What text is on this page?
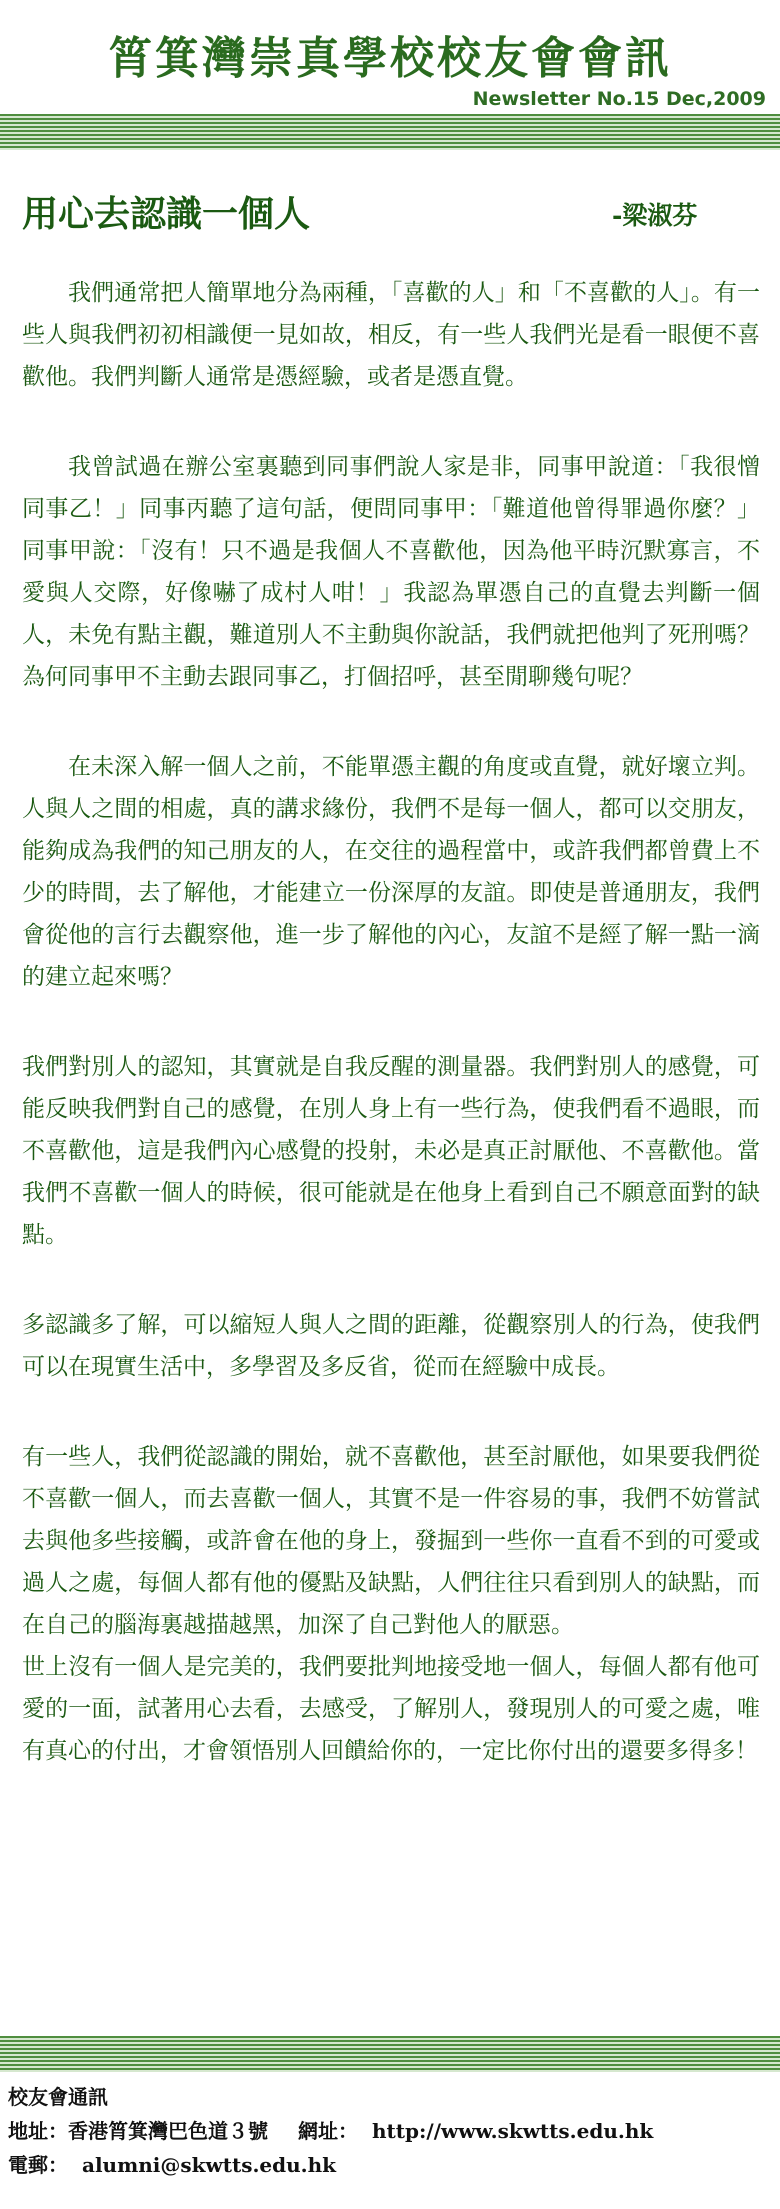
筲箕灣崇真學校校友會會訊
Newsletter No.15 Dec,2009
用心去認識一個人	-梁淑芬

我們通常把人簡單地分為兩種，「喜歡的人」和「不喜歡的人」。有一些人與我們初初相識便一見如故，相反，有一些人我們光是看一眼便不喜歡他。我們判斷人通常是憑經驗，或者是憑直覺。

我曾試過在辦公室裏聽到同事們說人家是非，同事甲說道：「我很憎同事乙！」同事丙聽了這句話，便問同事甲：「難道他曾得罪過你麼？」同事甲說：「沒有！只不過是我個人不喜歡他，因為他平時沉默寡言，不愛與人交際，好像嚇了成村人咁！」我認為單憑自己的直覺去判斷一個人，未免有點主觀，難道別人不主動與你說話，我們就把他判了死刑嗎？為何同事甲不主動去跟同事乙，打個招呼，甚至閒聊幾句呢？

在未深入解一個人之前，不能單憑主觀的角度或直覺，就好壞立判。人與人之間的相處，真的講求緣份，我們不是每一個人，都可以交朋友，能夠成為我們的知己朋友的人，在交往的過程當中，或許我們都曾費上不少的時間，去了解他，才能建立一份深厚的友誼。即使是普通朋友，我們會從他的言行去觀察他，進一步了解他的內心，友誼不是經了解一點一滴的建立起來嗎？

我們對別人的認知，其實就是自我反醒的測量器。我們對別人的感覺，可能反映我們對自己的感覺，在別人身上有一些行為，使我們看不過眼，而不喜歡他，這是我們內心感覺的投射，未必是真正討厭他、不喜歡他。當我們不喜歡一個人的時候，很可能就是在他身上看到自己不願意面對的缺點。

多認識多了解，可以縮短人與人之間的距離，從觀察別人的行為，使我們可以在現實生活中，多學習及多反省，從而在經驗中成長。

有一些人，我們從認識的開始，就不喜歡他，甚至討厭他，如果要我們從不喜歡一個人，而去喜歡一個人，其實不是一件容易的事，我們不妨嘗試去與他多些接觸，或許會在他的身上，發掘到一些你一直看不到的可愛或過人之處，每個人都有他的優點及缺點，人們往往只看到別人的缺點，而在自己的腦海裏越描越黑，加深了自己對他人的厭惡。

世上沒有一個人是完美的，我們要批判地接受地一個人，每個人都有他可愛的一面，試著用心去看，去感受，了解別人，發現別人的可愛之處，唯有真心的付出，才會領悟別人回饋給你的，一定比你付出的還要多得多！

校友會通訊
地址：香港筲箕灣巴色道３號 網址： http://www.skwtts.edu.hk
電郵： alumni@skwtts.edu.hk
